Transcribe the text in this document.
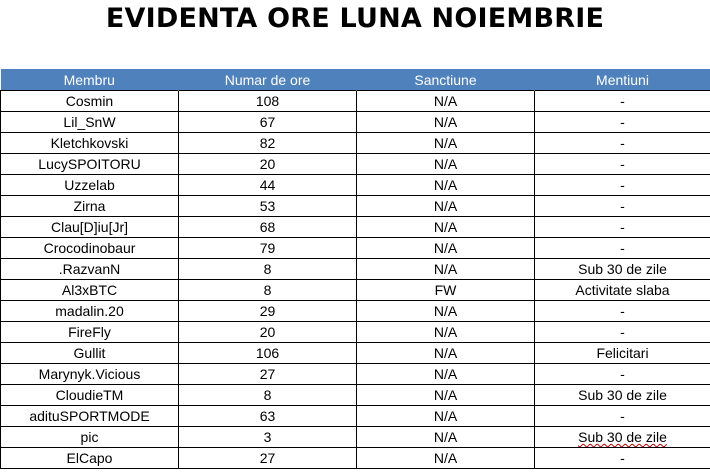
EVIDENTA ORE LUNA NOIEMBRIE
Membru	Numar de ore	Sanctiune	Mentiuni
Cosmin	108	N/A	-
Lil_SnW	67	N/A	-
Kletchkovski	82	N/A	-
LucySPOITORU	20	N/A	-
Uzzelab	44	N/A	-
Zirna	53	N/A	-
Clau[D]iu[Jr]	68	N/A	-
Crocodinobaur	79	N/A	-
.RazvanN	8	N/A	Sub 30 de zile
Al3xBTC	8	FW	Activitate slaba
madalin.20	29	N/A	-
FireFly	20	N/A	-
Gullit	106	N/A	Felicitari
Marynyk.Vicious	27	N/A	-
CloudieTM	8	N/A	Sub 30 de zile
adituSPORTMODE	63	N/A	-
pic	3	N/A	Sub 30 de zile
ElCapo	27	N/A	-
